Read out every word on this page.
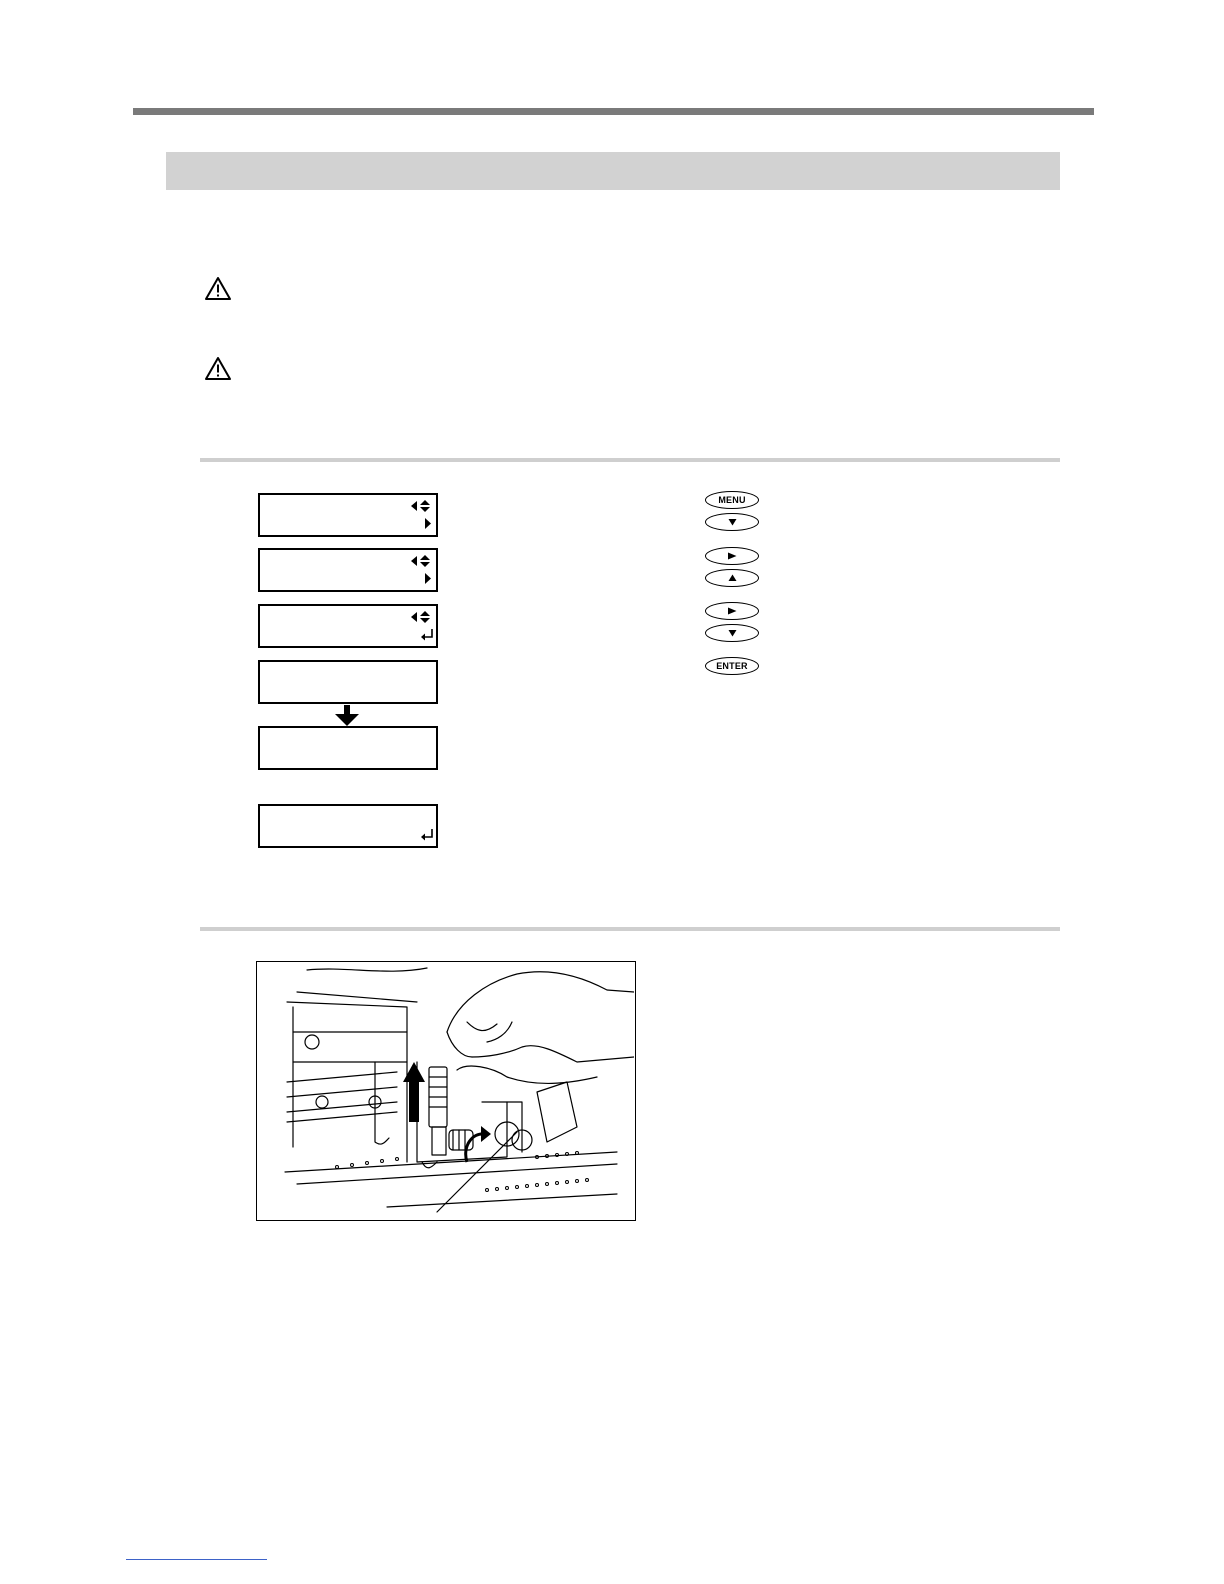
MENU
ENTER
